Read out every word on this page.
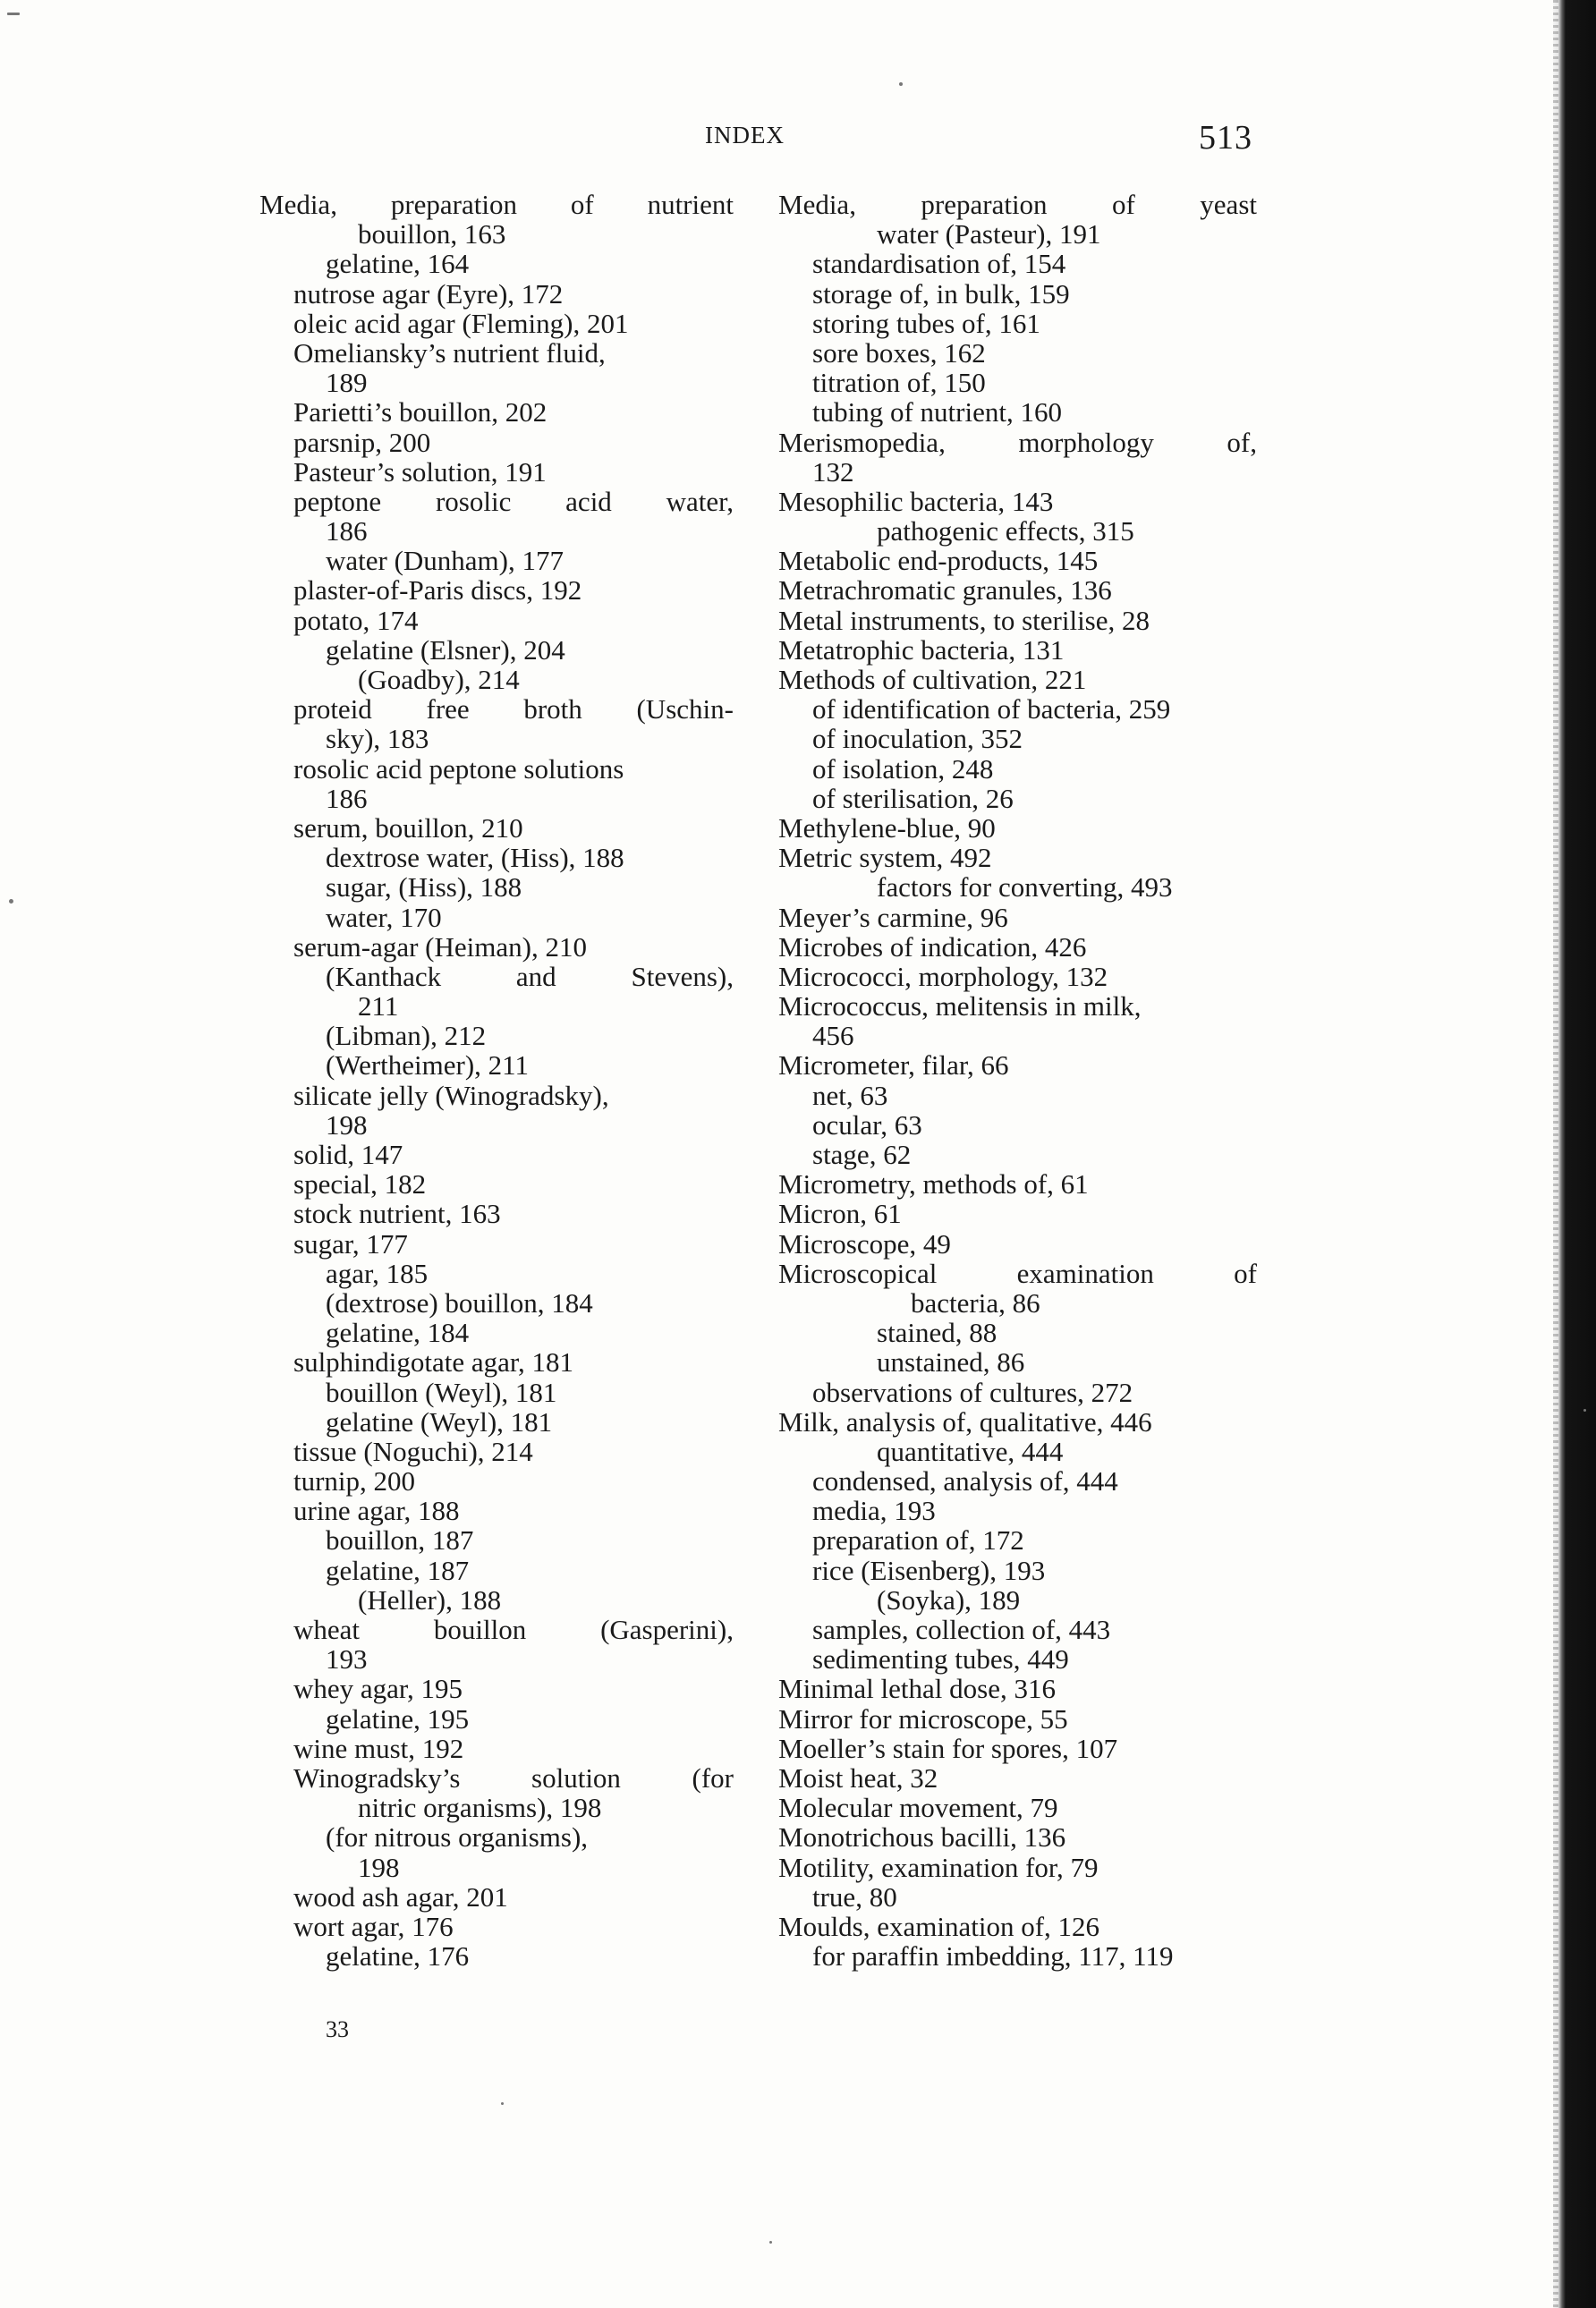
INDEX	513
Media, preparation of nutrient
bouillon, 163
gelatine, 164
nutrose agar (Eyre), 172
oleic acid agar (Fleming), 201
Omeliansky’s nutrient fluid,
189
Parietti’s bouillon, 202
parsnip, 200
Pasteur’s solution, 191
peptone rosolic acid water,
186
water (Dunham), 177
plaster-of-Paris discs, 192
potato, 174
gelatine (Elsner), 204
(Goadby), 214
proteid free broth (Uschin-
sky), 183
rosolic acid peptone solutions
186
serum, bouillon, 210
dextrose water, (Hiss), 188
sugar, (Hiss), 188
water, 170
serum-agar (Heiman), 210
(Kanthack	and	Stevens),
211
(Libman), 212
(Wertheimer), 211
silicate jelly (Winogradsky),
198
solid, 147
special, 182
stock nutrient, 163
sugar, 177
agar, 185
(dextrose) bouillon, 184
gelatine, 184
sulphindigotate agar, 181
bouillon (Weyl), 181
gelatine (Weyl), 181
tissue (Noguchi), 214
turnip, 200
urine agar, 188
bouillon, 187
gelatine, 187
(Heller), 188
wheat	bouillon	(Gasperini),
193
whey agar, 195
gelatine, 195
wine must, 192
Winogradsky’s	solution	(for
nitric organisms), 198
(for nitrous organisms),
198
wood ash agar, 201
wort agar, 176
gelatine, 176
Media, preparation of yeast
water (Pasteur), 191
standardisation of, 154
storage of, in bulk, 159
storing tubes of, 161
sore boxes, 162
titration of, 150
tubing of nutrient, 160
Merismopedia,	morphology	of,
132
Mesophilic bacteria, 143
pathogenic effects, 315
Metabolic end-products, 145
Metrachromatic granules, 136
Metal instruments, to sterilise, 28
Metatrophic bacteria, 131
Methods of cultivation, 221
of identification of bacteria, 259
of inoculation, 352
of isolation, 248
of sterilisation, 26
Methylene-blue, 90
Metric system, 492
factors for converting, 493
Meyer’s carmine, 96
Microbes of indication, 426
Micrococci, morphology, 132
Micrococcus, melitensis in milk,
456
Micrometer, filar, 66
net, 63
ocular, 63
stage, 62
Micrometry, methods of, 61
Micron, 61
Microscope, 49
Microscopical	examination	of
bacteria, 86
stained, 88
unstained, 86
observations of cultures, 272
Milk, analysis of, qualitative, 446
quantitative, 444
condensed, analysis of, 444
media, 193
preparation of, 172
rice (Eisenberg), 193
(Soyka), 189
samples, collection of, 443
sedimenting tubes, 449
Minimal lethal dose, 316
Mirror for microscope, 55
Moeller’s stain for spores, 107
Moist heat, 32
Molecular movement, 79
Monotrichous bacilli, 136
Motility, examination for, 79
true, 80
Moulds, examination of, 126
for paraffin imbedding, 117, 119
33
